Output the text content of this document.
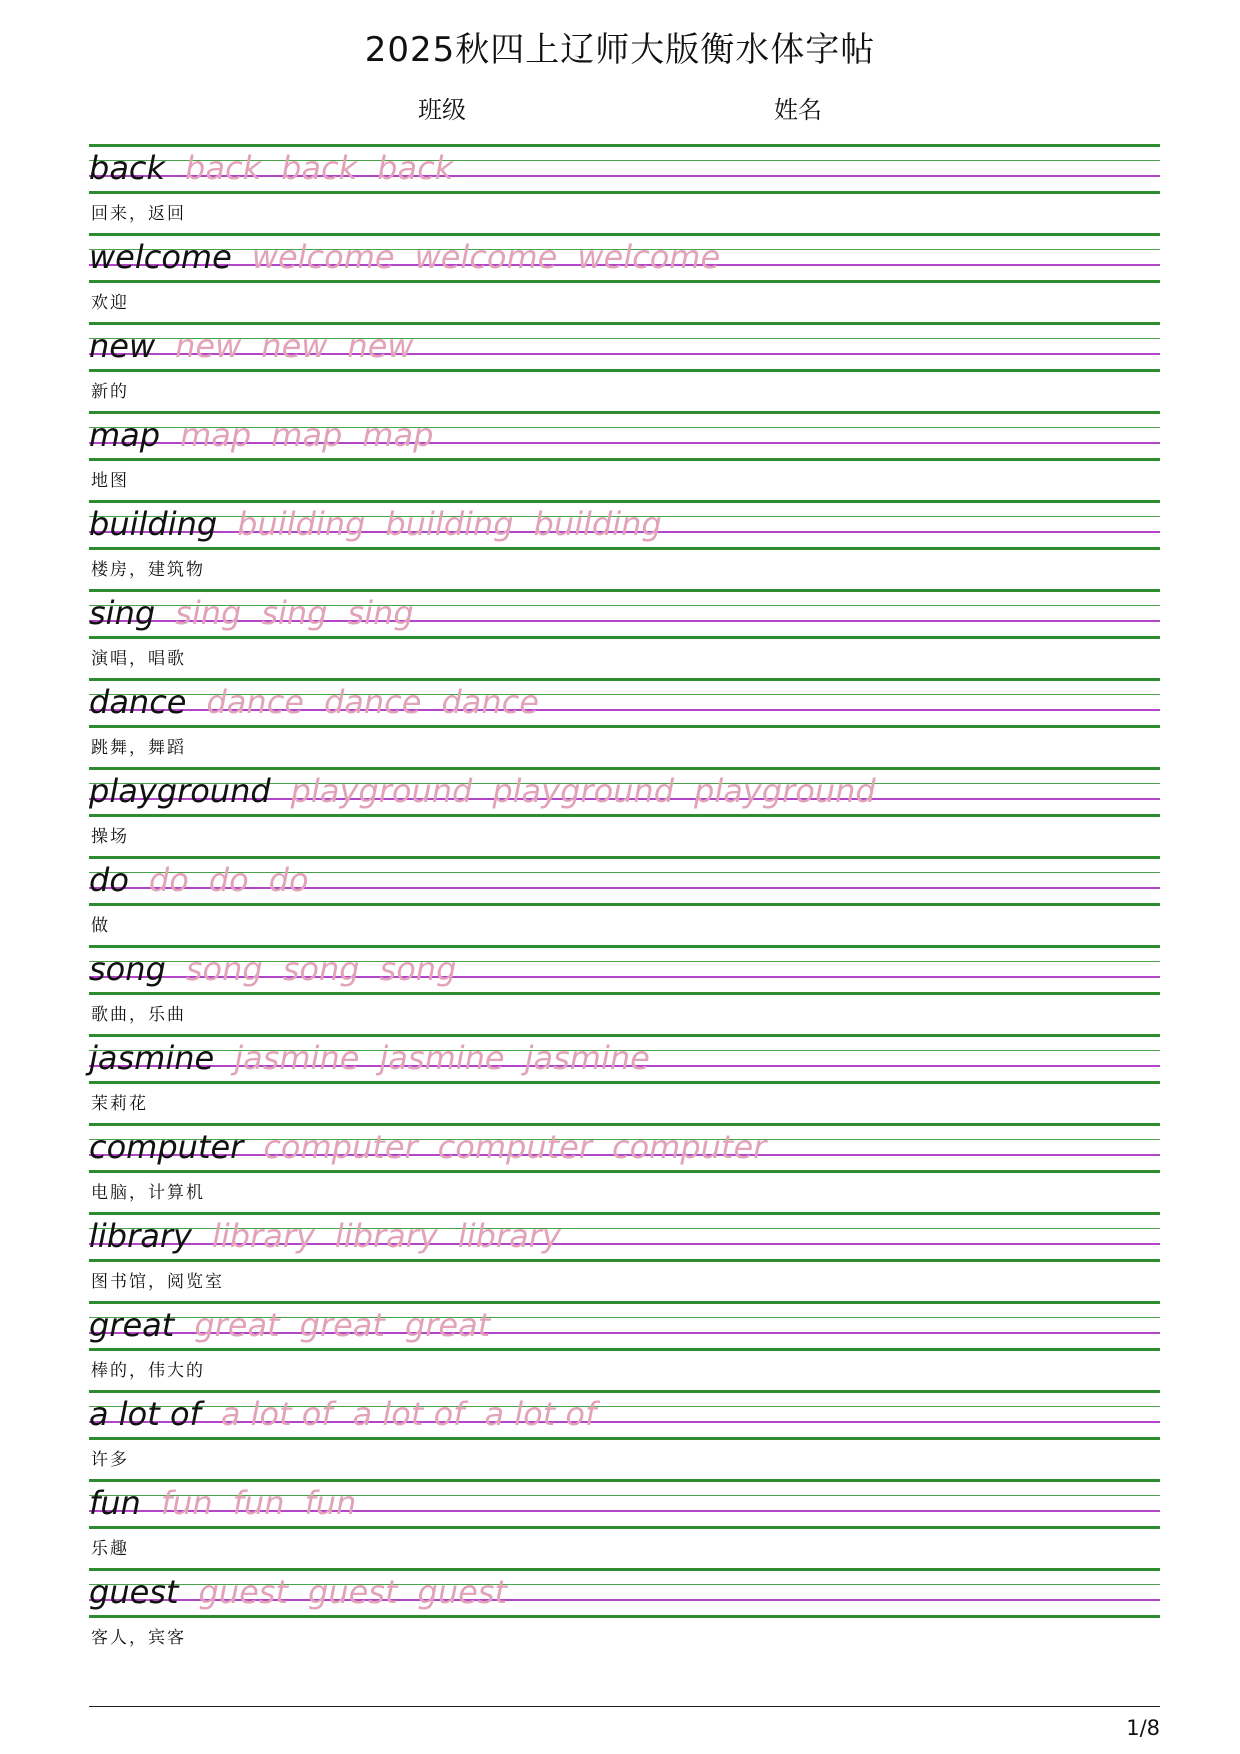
2025秋四上辽师大版衡水体字帖
班级	姓名
back back back back
回来，返回
welcome welcome welcome welcome
欢迎
new new new new
新的
map map map map
地图
building building building building
楼房，建筑物
sing sing sing sing
演唱，唱歌
dance dance dance dance
跳舞，舞蹈
playground playground playground playground
操场
do do do do
做
song song song song
歌曲，乐曲
jasmine jasmine jasmine jasmine
茉莉花
computer computer computer computer
电脑，计算机
library library library library
图书馆，阅览室
great great great great
棒的，伟大的
a lot of a lot of a lot of a lot of
许多
fun fun fun fun
乐趣
guest guest guest guest
客人，宾客
1/8
